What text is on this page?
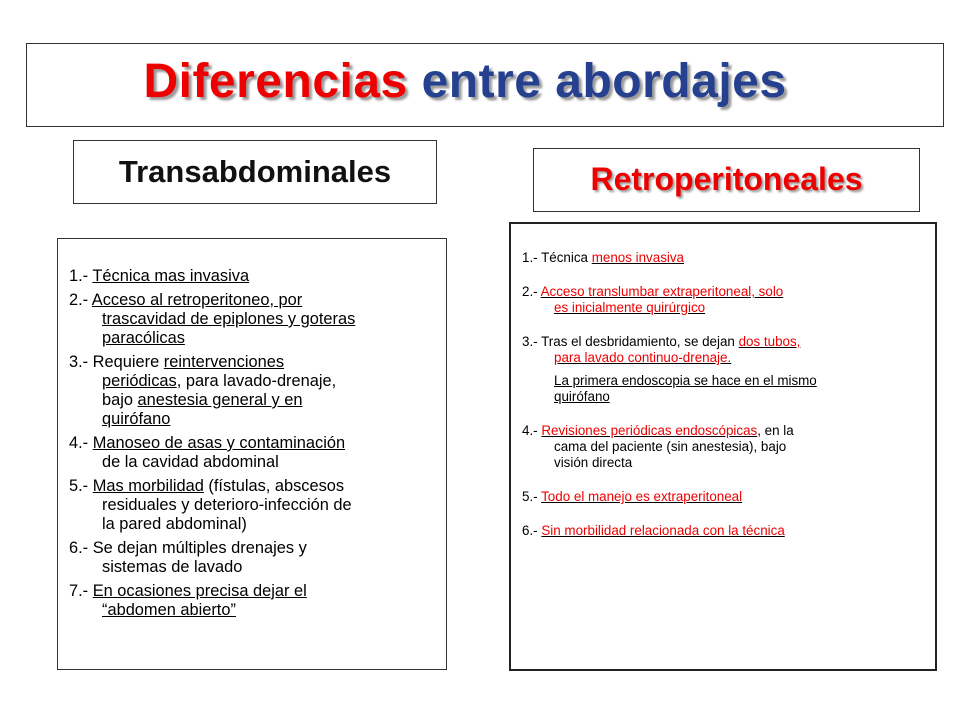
Diferencias entre abordajes
Transabdominales	Retroperitoneales
1.- Técnica mas invasiva
2.- Acceso al retroperitoneo, por
trascavidad de epiplones y goteras
paracólicas
3.- Requiere reintervenciones
periódicas, para lavado-drenaje,
bajo anestesia general y en
quirófano
4.- Manoseo de asas y contaminación
de la cavidad abdominal
5.- Mas morbilidad (fístulas, abscesos
residuales y deterioro-infección de
la pared abdominal)
6.- Se dejan múltiples drenajes y
sistemas de lavado
7.- En ocasiones precisa dejar el
“abdomen abierto”
1.- Técnica menos invasiva
2.- Acceso translumbar extraperitoneal, solo
es inicialmente quirúrgico
3.- Tras el desbridamiento, se dejan dos tubos,
para lavado continuo-drenaje.
La primera endoscopia se hace en el mismo
quirófano
4.- Revisiones periódicas endoscópicas, en la
cama del paciente (sin anestesia), bajo
visión directa
5.- Todo el manejo es extraperitoneal
6.- Sin morbilidad relacionada con la técnica
